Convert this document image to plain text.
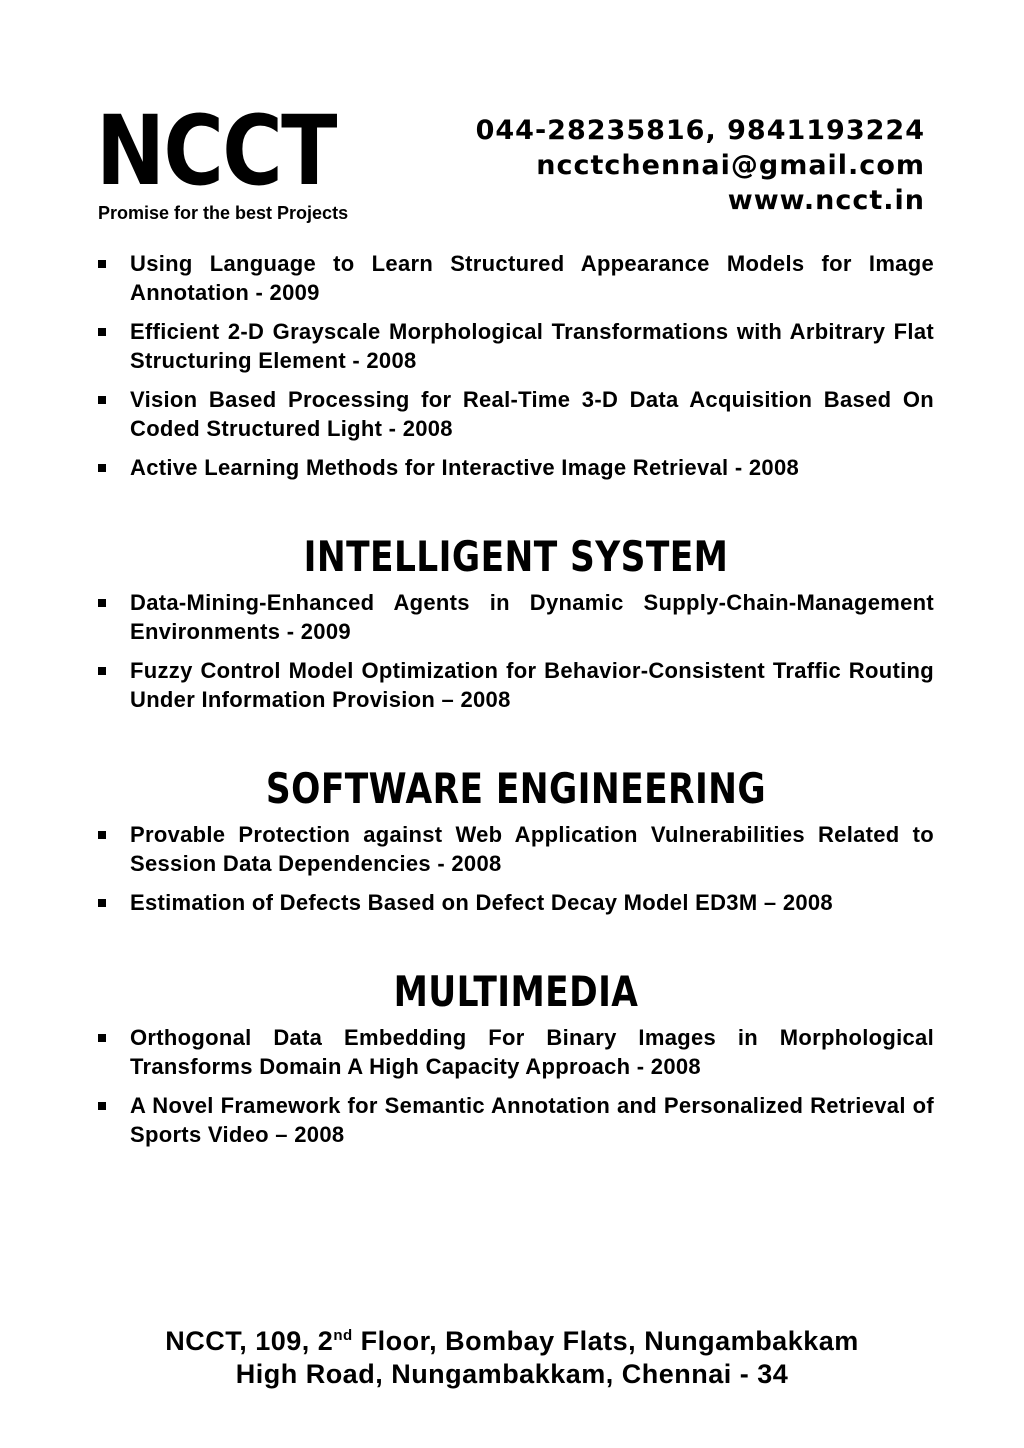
NCCT
Promise for the best Projects
044-28235816, 9841193224
ncctchennai@gmail.com
www.ncct.in
Using Language to Learn Structured Appearance Models for Image Annotation - 2009
Efficient 2-D Grayscale Morphological Transformations with Arbitrary Flat Structuring Element - 2008
Vision Based Processing for Real-Time 3-D Data Acquisition Based On Coded Structured Light - 2008
Active Learning Methods for Interactive Image Retrieval - 2008
INTELLIGENT SYSTEM
Data-Mining-Enhanced Agents in Dynamic Supply-Chain-Management Environments - 2009
Fuzzy Control Model Optimization for Behavior-Consistent Traffic Routing Under Information Provision – 2008
SOFTWARE ENGINEERING
Provable Protection against Web Application Vulnerabilities Related to Session Data Dependencies - 2008
Estimation of Defects Based on Defect Decay Model ED3M – 2008
MULTIMEDIA
Orthogonal Data Embedding For Binary Images in Morphological Transforms Domain A High Capacity Approach - 2008
A Novel Framework for Semantic Annotation and Personalized Retrieval of Sports Video – 2008
NCCT, 109, 2nd Floor, Bombay Flats, Nungambakkam
High Road, Nungambakkam, Chennai - 34
